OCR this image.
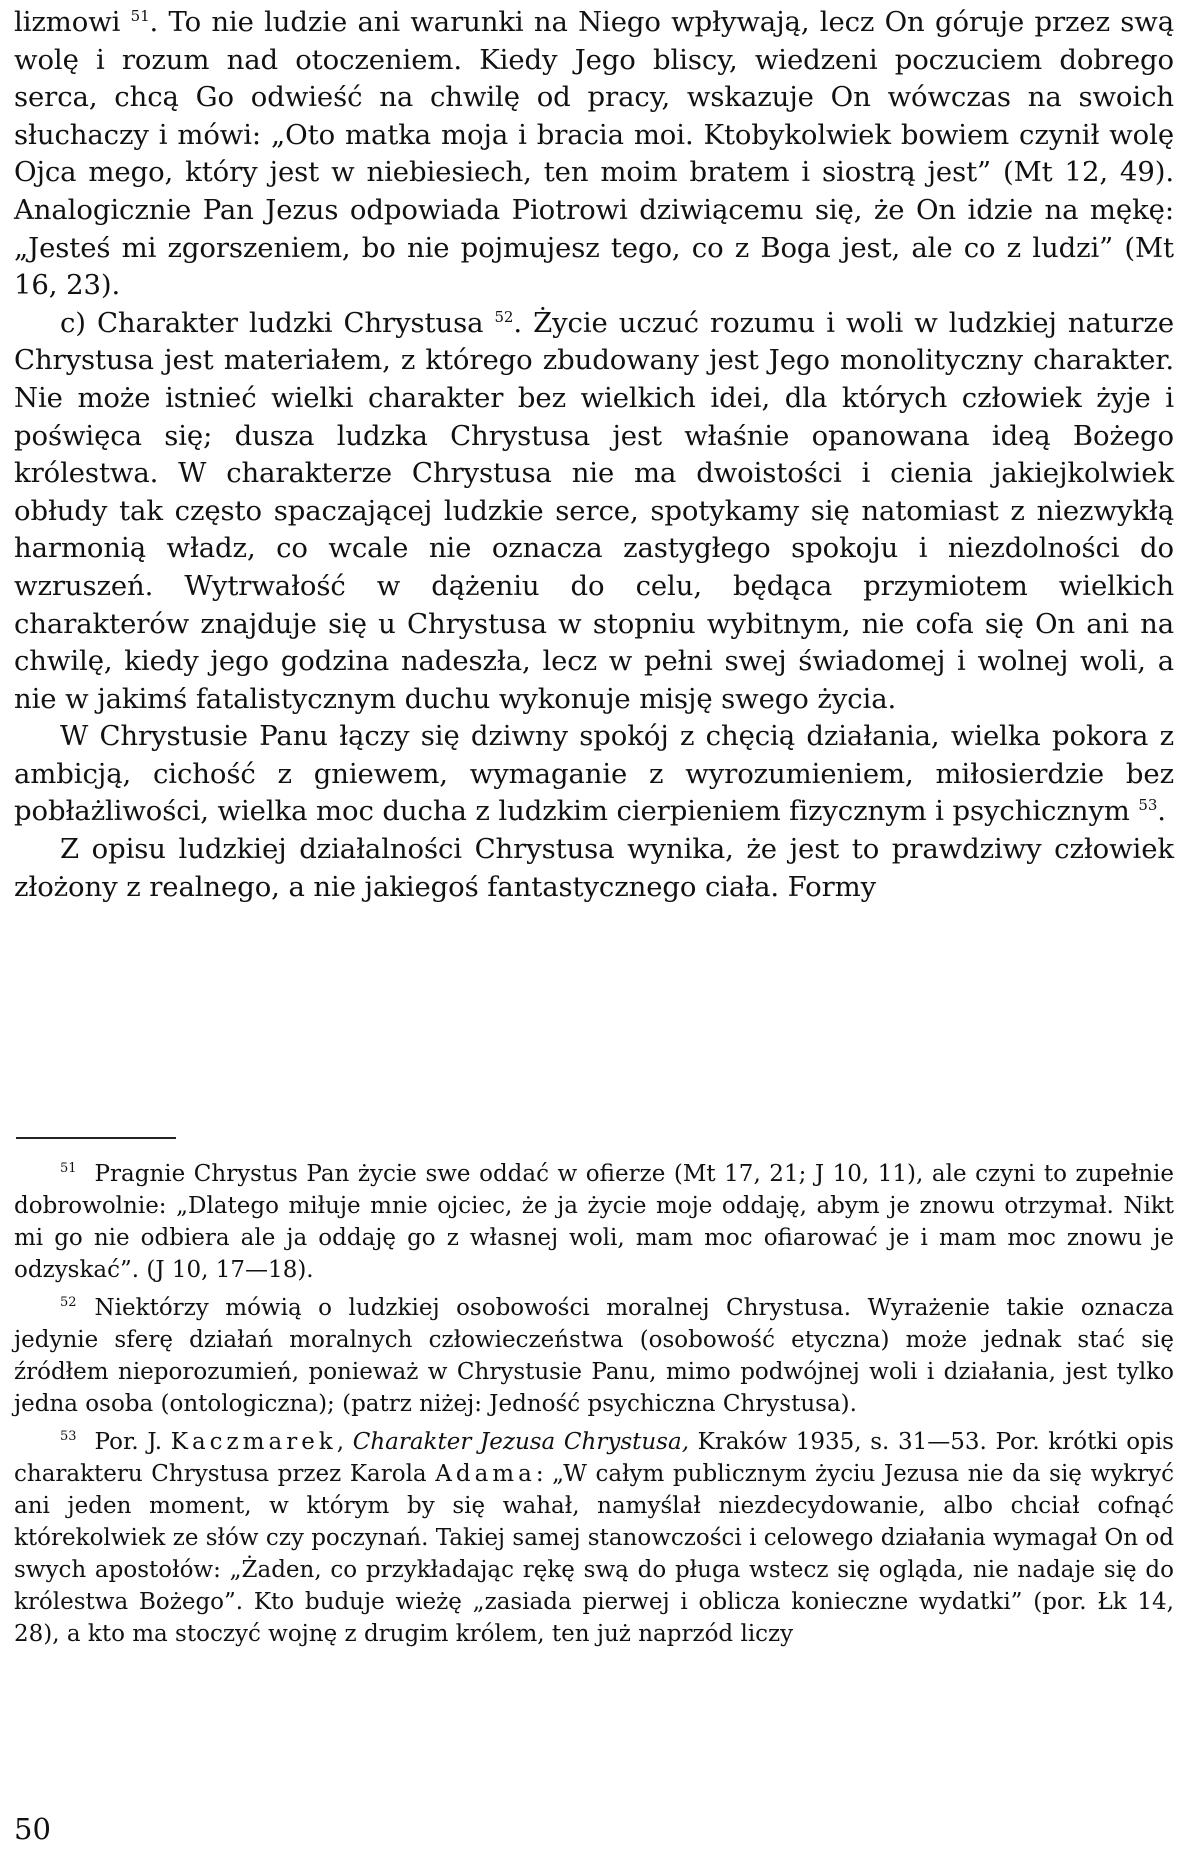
lizmowi $^{51}$. To nie ludzie ani warunki na Niego wpływają, lecz On góruje przez swą wolę i rozum nad otoczeniem. Kiedy Jego bliscy, wiedzeni poczuciem dobrego serca, chcą Go odwieść na chwilę od pracy, wskazuje On wówczas na swoich słuchaczy i mówi: „Oto matka moja i bracia moi. Ktobykolwiek bowiem czynił wolę Ojca mego, który jest w niebiesiech, ten moim bratem i siostrą jest” (Mt 12, 49). Analogicznie Pan Jezus odpowiada Piotrowi dziwiącemu się, że On idzie na mękę: „Jesteś mi zgorszeniem, bo nie pojmujesz tego, co z Boga jest, ale co z ludzi” (Mt 16, 23).

c) Charakter ludzki Chrystusa $^{52}$. Życie uczuć rozumu i woli w ludzkiej naturze Chrystusa jest materiałem, z którego zbudowany jest Jego monolityczny charakter. Nie może istnieć wielki charakter bez wielkich idei, dla których człowiek żyje i poświęca się; dusza ludzka Chrystusa jest właśnie opanowana ideą Bożego królestwa. W charakterze Chrystusa nie ma dwoistości i cienia jakiejkolwiek obłudy tak często spaczającej ludzkie serce, spotykamy się natomiast z niezwykłą harmonią władz, co wcale nie oznacza zastygłego spokoju i niezdolności do wzruszeń. Wytrwałość w dążeniu do celu, będąca przymiotem wielkich charakterów znajduje się u Chrystusa w stopniu wybitnym, nie cofa się On ani na chwilę, kiedy jego godzina nadeszła, lecz w pełni swej świadomej i wolnej woli, a nie w jakimś fatalistycznym duchu wykonuje misję swego życia.

W Chrystusie Panu łączy się dziwny spokój z chęcią działania, wielka pokora z ambicją, cichość z gniewem, wymaganie z wyrozumieniem, miłosierdzie bez pobłażliwości, wielka moc ducha z ludzkim cierpieniem fizycznym i psychicznym $^{53}$.

Z opisu ludzkiej działalności Chrystusa wynika, że jest to prawdziwy człowiek złożony z realnego, a nie jakiegoś fantastycznego ciała. Formy

$^{51}$ Pragnie Chrystus Pan życie swe oddać w ofierze (Mt 17, 21; J 10, 11), ale czyni to zupełnie dobrowolnie: „Dlatego miłuje mnie ojciec, że ja życie moje oddaję, abym je znowu otrzymał. Nikt mi go nie odbiera ale ja oddaję go z własnej woli, mam moc ofiarować je i mam moc znowu je odzyskać”. (J 10, 17—18).

$^{52}$ Niektórzy mówią o ludzkiej osobowości moralnej Chrystusa. Wyrażenie takie oznacza jedynie sferę działań moralnych człowieczeństwa (osobowość etyczna) może jednak stać się źródłem nieporozumień, ponieważ w Chrystusie Panu, mimo podwójnej woli i działania, jest tylko jedna osoba (ontologiczna); (patrz niżej: Jedność psychiczna Chrystusa).

$^{53}$ Por. J. Kaczmarek, Charakter Jezusa Chrystusa, Kraków 1935, s. 31—53. Por. krótki opis charakteru Chrystusa przez Karola Adama: „W całym publicznym życiu Jezusa nie da się wykryć ani jeden moment, w którym by się wahał, namyślał niezdecydowanie, albo chciał cofnąć którekolwiek ze słów czy poczynań. Takiej samej stanowczości i celowego działania wymagał On od swych apostołów: „Żaden, co przykładając rękę swą do pługa wstecz się ogląda, nie nadaje się do królestwa Bożego”. Kto buduje wieżę „zasiada pierwej i oblicza konieczne wydatki” (por. Łk 14, 28), a kto ma stoczyć wojnę z drugim królem, ten już naprzód liczy

50
